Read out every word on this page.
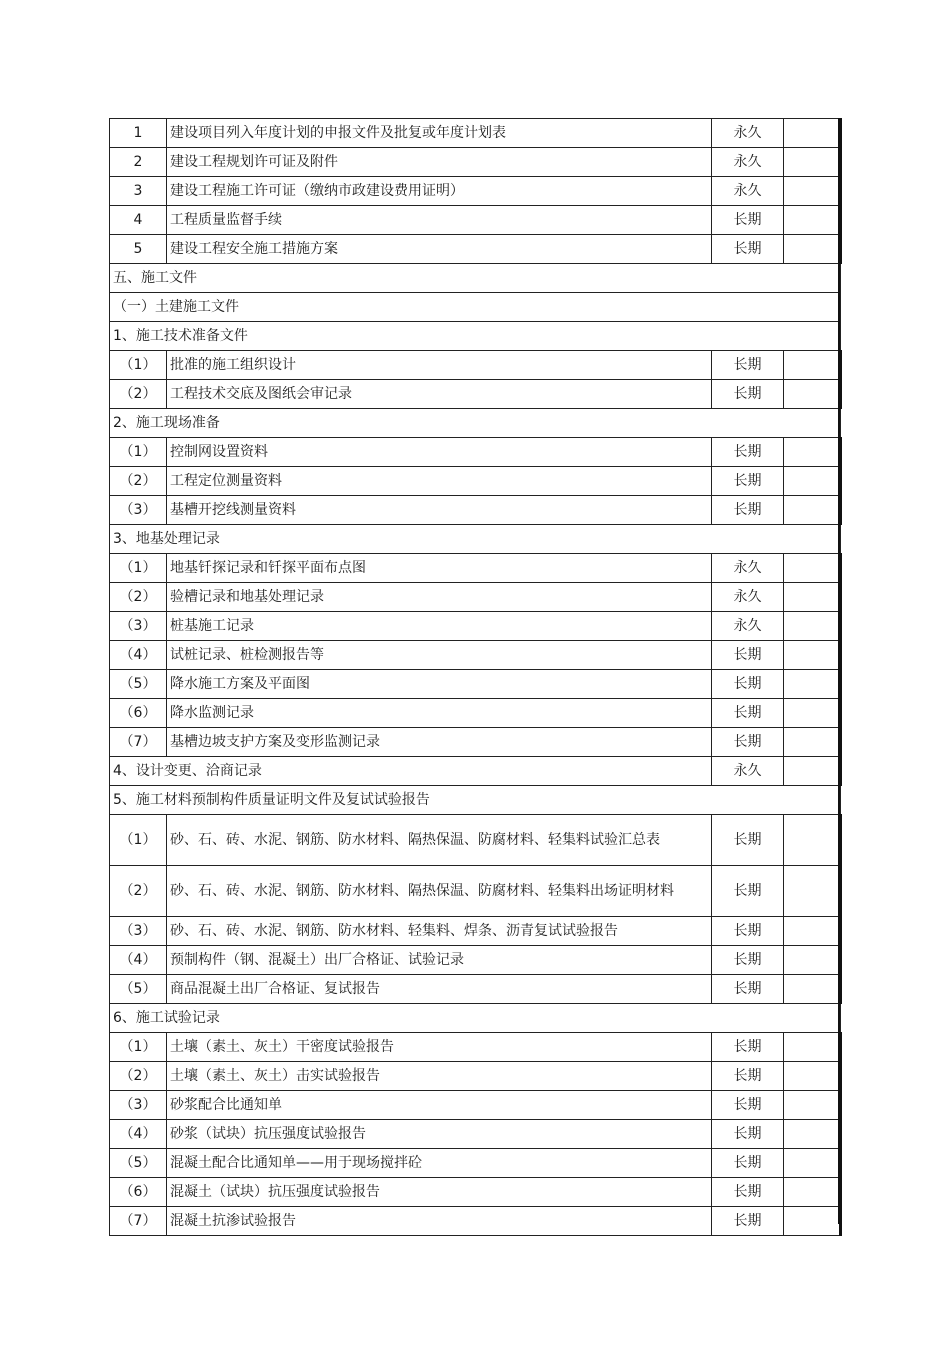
1	建设项目列入年度计划的申报文件及批复或年度计划表	永久	
2	建设工程规划许可证及附件	永久	
3	建设工程施工许可证（缴纳市政建设费用证明）	永久	
4	工程质量监督手续	长期	
5	建设工程安全施工措施方案	长期	
五、施工文件			
（一）土建施工文件			
1、施工技术准备文件			
（1）	批准的施工组织设计	长期	
（2）	工程技术交底及图纸会审记录	长期	
2、施工现场准备			
（1）	控制网设置资料	长期	
（2）	工程定位测量资料	长期	
（3）	基槽开挖线测量资料	长期	
3、地基处理记录			
（1）	地基钎探记录和钎探平面布点图	永久	
（2）	验槽记录和地基处理记录	永久	
（3）	桩基施工记录	永久	
（4）	试桩记录、桩检测报告等	长期	
（5）	降水施工方案及平面图	长期	
（6）	降水监测记录	长期	
（7）	基槽边坡支护方案及变形监测记录	长期	
4、设计变更、洽商记录		永久	
5、施工材料预制构件质量证明文件及复试试验报告			
（1）	砂、石、砖、水泥、钢筋、防水材料、隔热保温、防腐材料、轻集料试验汇总表	长期	
（2）	砂、石、砖、水泥、钢筋、防水材料、隔热保温、防腐材料、轻集料出场证明材料	长期	
（3）	砂、石、砖、水泥、钢筋、防水材料、轻集料、焊条、沥青复试试验报告	长期	
（4）	预制构件（钢、混凝土）出厂合格证、试验记录	长期	
（5）	商品混凝土出厂合格证、复试报告	长期	
6、施工试验记录			
（1）	土壤（素土、灰土）干密度试验报告	长期	
（2）	土壤（素土、灰土）击实试验报告	长期	
（3）	砂浆配合比通知单	长期	
（4）	砂浆（试块）抗压强度试验报告	长期	
（5）	混凝土配合比通知单——用于现场搅拌砼	长期	
（6）	混凝土（试块）抗压强度试验报告	长期	
（7）	混凝土抗渗试验报告	长期	
